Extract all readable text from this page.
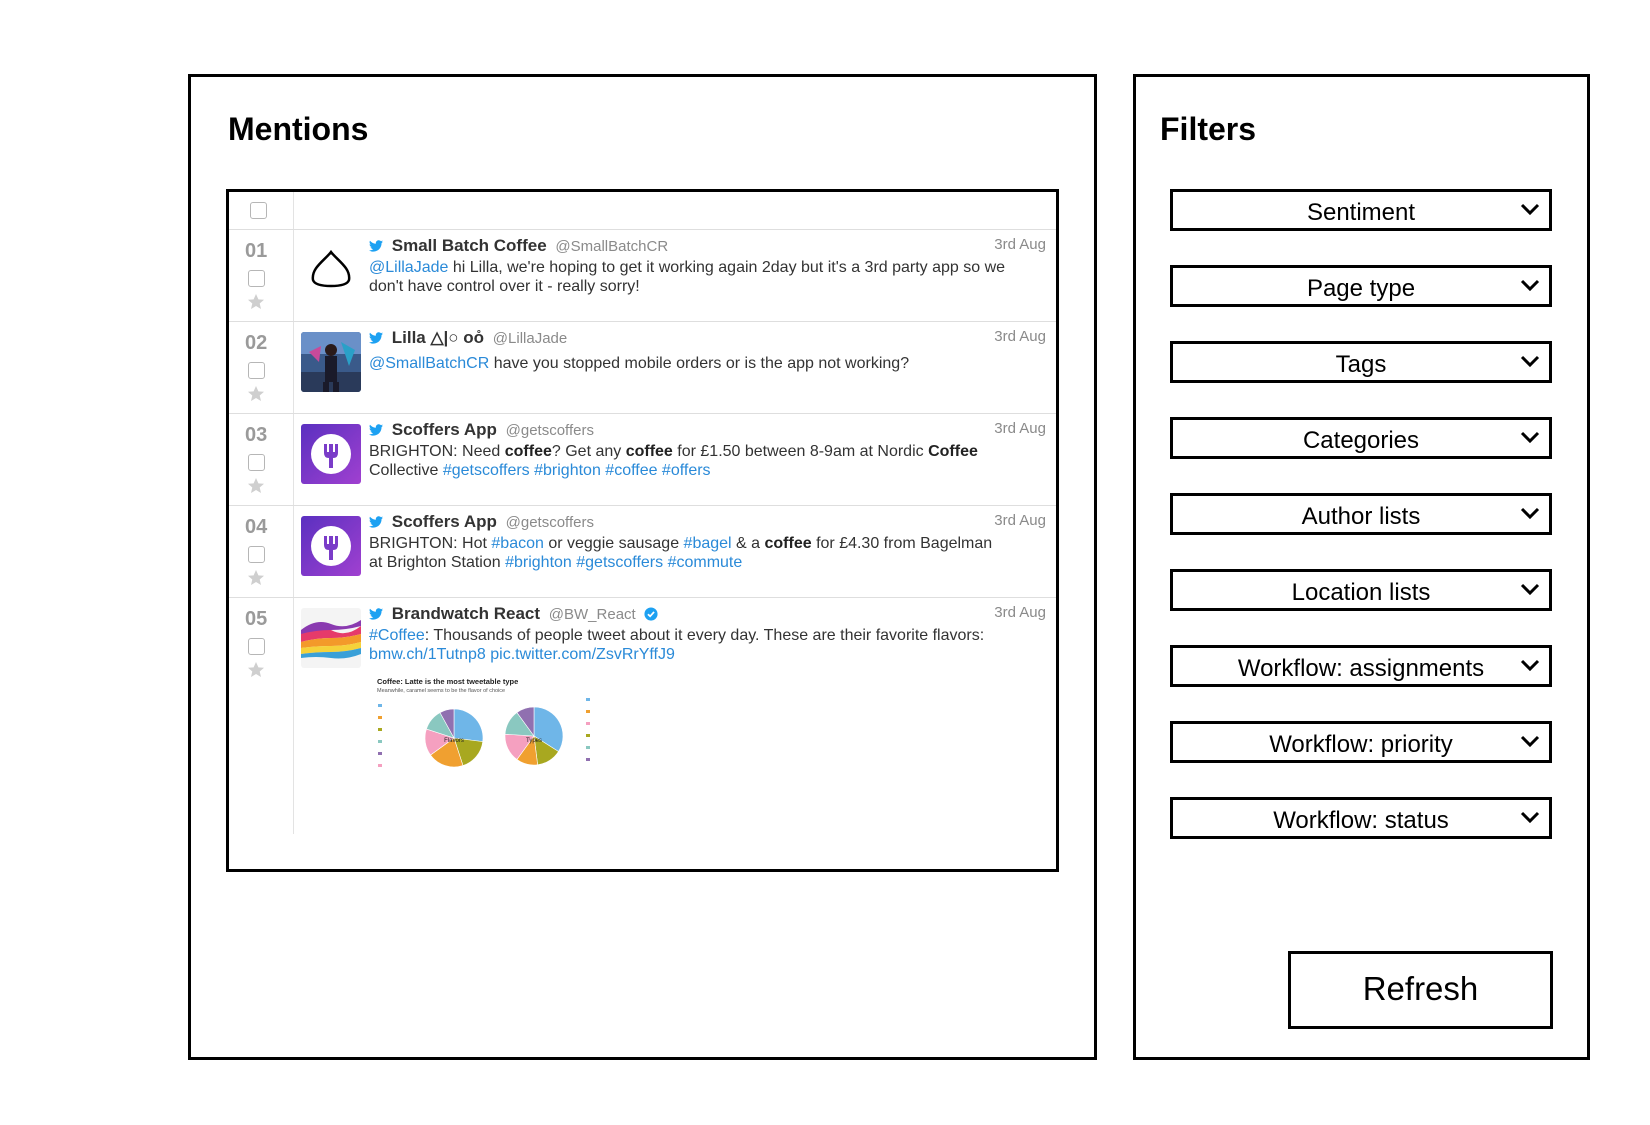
Mentions
01	Small Batch Coffee @SmallBatchCR	3rd Aug
@LillaJade hi Lilla, we're hoping to get it working again 2day but it's a 3rd party app so we don't have control over it - really sorry!
02	Lilla △|○ oo̊ @LillaJade	3rd Aug
@SmallBatchCR have you stopped mobile orders or is the app not working?
03	Scoffers App @getscoffers	3rd Aug
BRIGHTON: Need coffee? Get any coffee for £1.50 between 8-9am at Nordic Coffee Collective #getscoffers #brighton #coffee #offers
04	Scoffers App @getscoffers	3rd Aug
BRIGHTON: Hot #bacon or veggie sausage #bagel & a coffee for £4.30 from Bagelman at Brighton Station #brighton #getscoffers #commute
05	Brandwatch React @BW_React	3rd Aug
#Coffee: Thousands of people tweet about it every day. These are their favorite flavors: bmw.ch/1Tutnp8 pic.twitter.com/ZsvRrYffJ9
Coffee: Latte is the most tweetable type
Meanwhile, caramel seems to be the flavor of choice
Flavors	Types
Filters
Sentiment
Page type
Tags
Categories
Author lists
Location lists
Workflow: assignments
Workflow: priority
Workflow: status
Refresh
